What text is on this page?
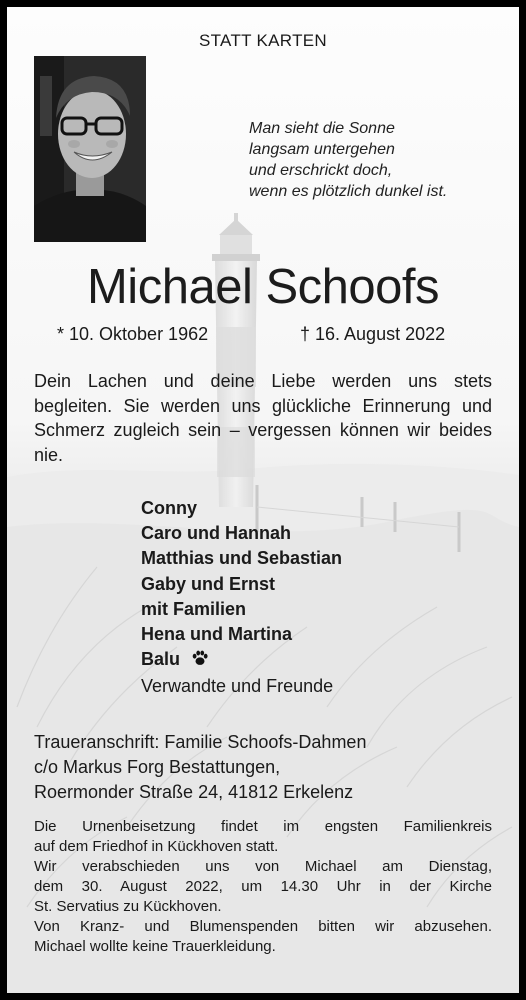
STATT KARTEN
Man sieht die Sonne
langsam untergehen
und erschrickt doch,
wenn es plötzlich dunkel ist.
Michael Schoofs
* 10. Oktober 1962	† 16. August 2022
Dein Lachen und deine Liebe werden uns stets begleiten. Sie werden uns glückliche Erinnerung und Schmerz zugleich sein – vergessen können wir beides nie.
Conny
Caro und Hannah
Matthias und Sebastian
Gaby und Ernst
mit Familien
Hena und Martina
Balu
Verwandte und Freunde
Traueranschrift: Familie Schoofs-Dahmen
c/o Markus Forg Bestattungen,
Roermonder Straße 24, 41812 Erkelenz
Die Urnenbeisetzung findet im engsten Familienkreis
auf dem Friedhof in Kückhoven statt.
Wir verabschieden uns von Michael am Dienstag,
dem 30. August 2022, um 14.30 Uhr in der Kirche
St. Servatius zu Kückhoven.
Von Kranz- und Blumenspenden bitten wir abzusehen.
Michael wollte keine Trauerkleidung.
